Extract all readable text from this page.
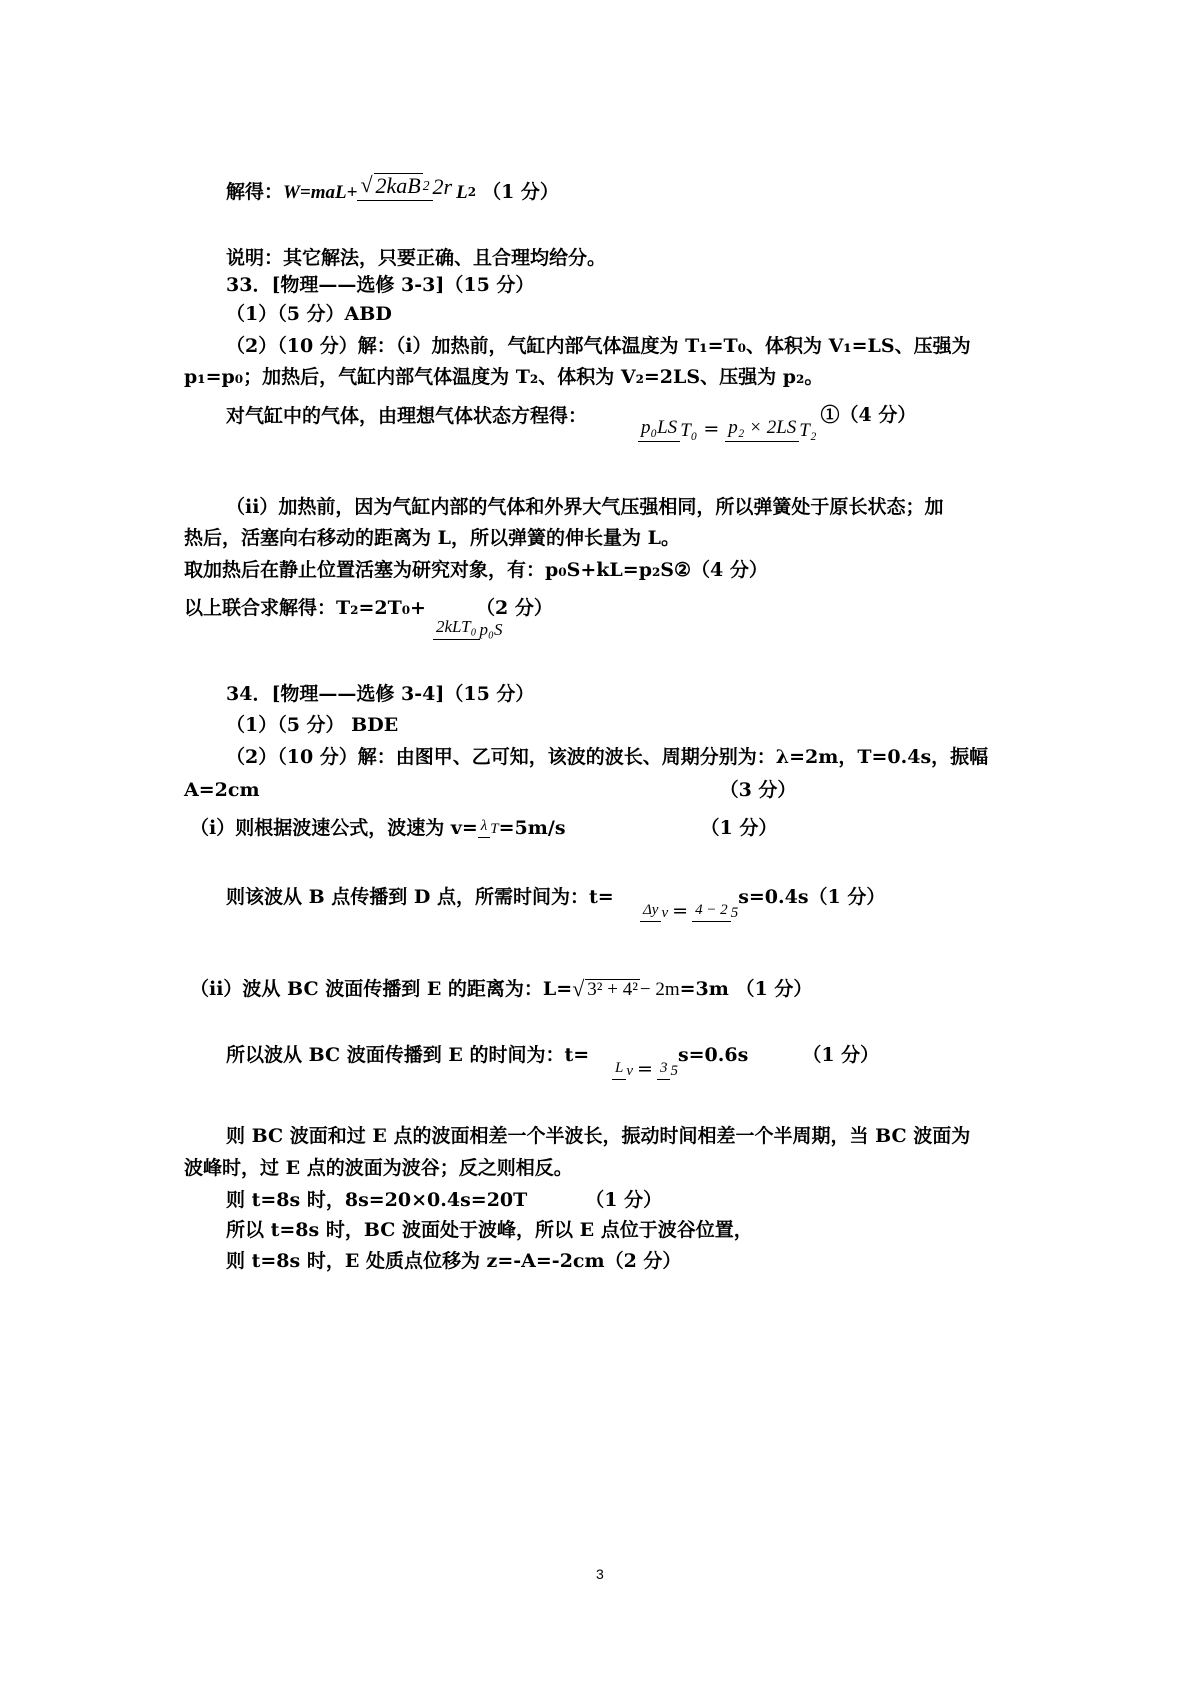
解得：W=maL+ √ 2kaB 2 2r L2 （1 分）
说明：其它解法，只要正确、且合理均给分。
33．[物理——选修 3-3]（15 分）
（1）（5 分）ABD
（2）（10 分）解：（i）加热前，气缸内部气体温度为 T₁=T₀、体积为 V₁=LS、压强为
p₁=p₀；加热后，气缸内部气体温度为 T₂、体积为 V₂=2LS、压强为 p₂。
对气缸中的气体，由理想气体状态方程得：
p₀LS T₀ = p₂ × 2LS T₂①（4 分）
（ii）加热前，因为气缸内部的气体和外界大气压强相同，所以弹簧处于原长状态；加
热后，活塞向右移动的距离为 L，所以弹簧的伸长量为 L。
取加热后在静止位置活塞为研究对象，有：p₀S+kL=p₂S②（4 分）
以上联合求解得：T₂=2T₀+	（2 分）
2kLT₀ p₀S
34．[物理——选修 3-4]（15 分）
（1）（5 分） BDE
（2）（10 分）解：由图甲、乙可知，该波的波长、周期分别为：λ=2m，T=0.4s，振幅
A=2cm	（3 分）
（i）则根据波速公式，波速为 v= λ T=5m/s	（1 分）
则该波从 B 点传播到 D 点，所需时间为：t=
Δy v = 4 − 2 5s=0.4s（1 分）
（ii）波从 BC 波面传播到 E 的距离为：L=√ 3² + 4²− 2m=3m （1 分）
所以波从 BC 波面传播到 E 的时间为：t=
L v = 3 5s=0.6s	（1 分）
则 BC 波面和过 E 点的波面相差一个半波长，振动时间相差一个半周期，当 BC 波面为
波峰时，过 E 点的波面为波谷；反之则相反。
则 t=8s 时，8s=20×0.4s=20T	（1 分）
所以 t=8s 时，BC 波面处于波峰，所以 E 点位于波谷位置，
则 t=8s 时，E 处质点位移为 z=-A=-2cm（2 分）
3
